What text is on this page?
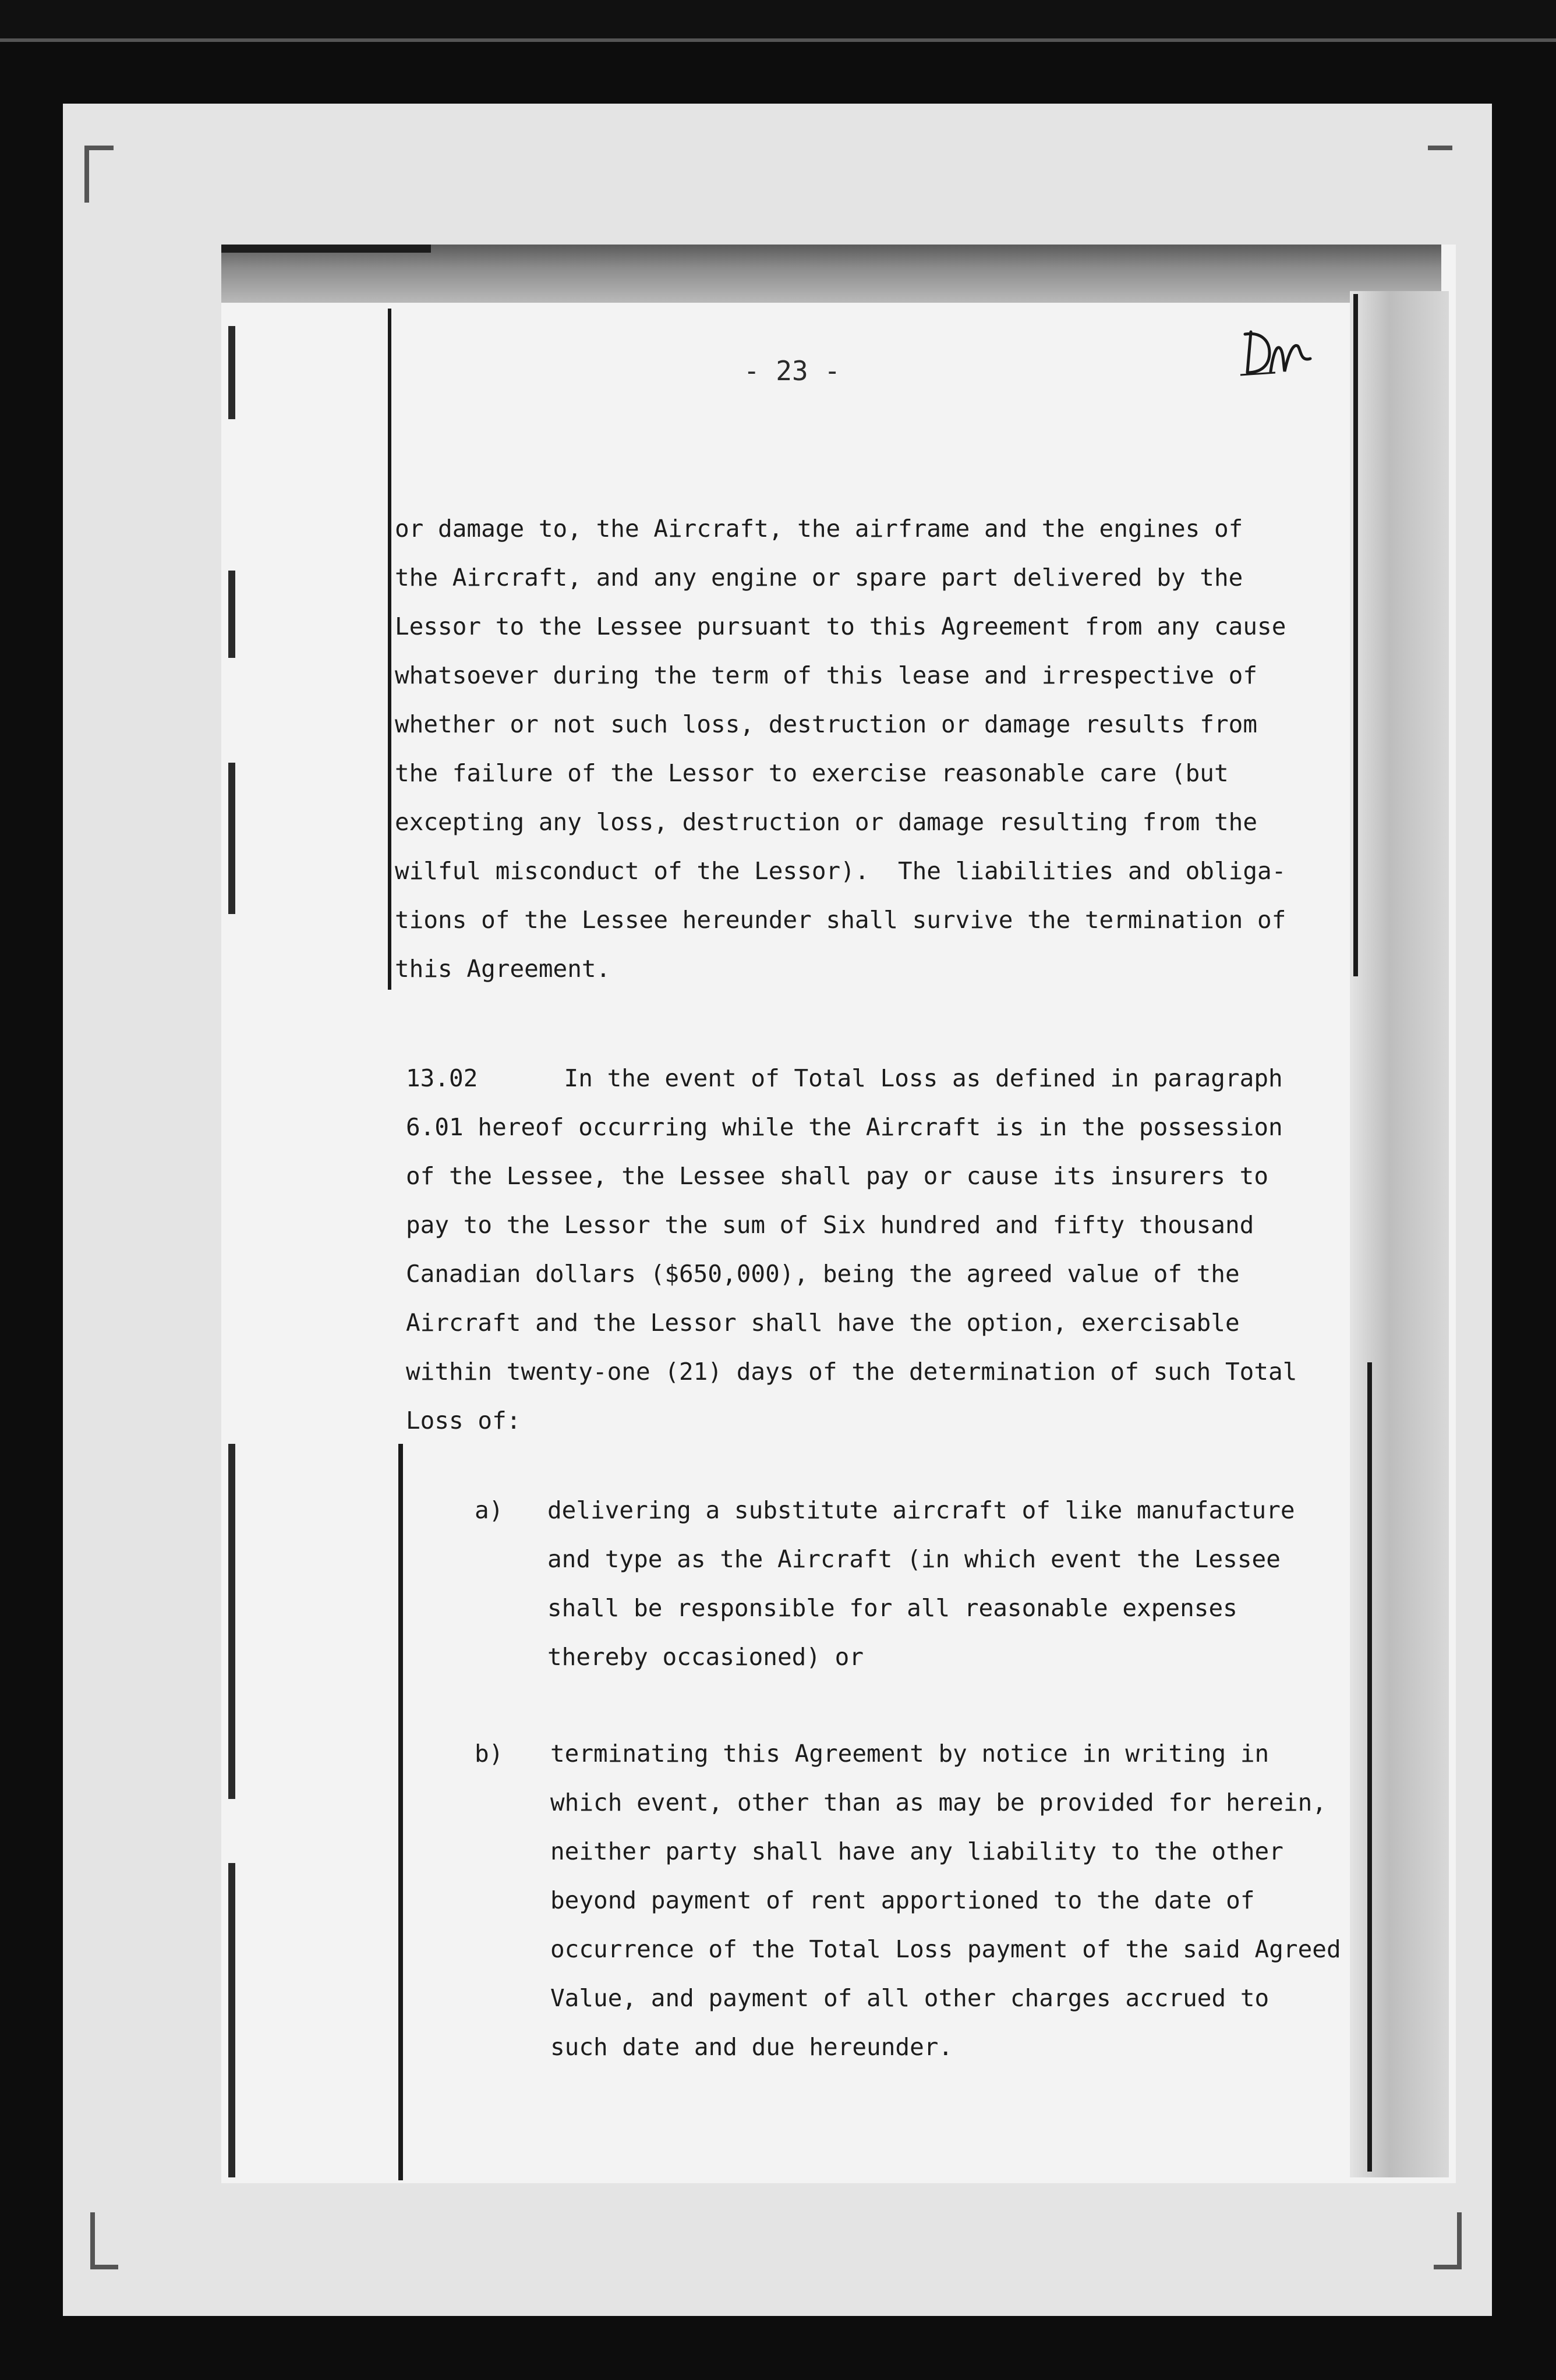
- 23 -

or damage to, the Aircraft, the airframe and the engines of
the Aircraft, and any engine or spare part delivered by the
Lessor to the Lessee pursuant to this Agreement from any cause
whatsoever during the term of this lease and irrespective of
whether or not such loss, destruction or damage results from
the failure of the Lessor to exercise reasonable care (but
excepting any loss, destruction or damage resulting from the
wilful misconduct of the Lessor).  The liabilities and obliga-
tions of the Lessee hereunder shall survive the termination of
this Agreement.

13.02      In the event of Total Loss as defined in paragraph
6.01 hereof occurring while the Aircraft is in the possession
of the Lessee, the Lessee shall pay or cause its insurers to
pay to the Lessor the sum of Six hundred and fifty thousand
Canadian dollars ($650,000), being the agreed value of the
Aircraft and the Lessor shall have the option, exercisable
within twenty-one (21) days of the determination of such Total
Loss of:

a) delivering a substitute aircraft of like manufacture
and type as the Aircraft (in which event the Lessee
shall be responsible for all reasonable expenses
thereby occasioned) or

b) terminating this Agreement by notice in writing in
which event, other than as may be provided for herein,
neither party shall have any liability to the other
beyond payment of rent apportioned to the date of
occurrence of the Total Loss payment of the said Agreed
Value, and payment of all other charges accrued to
such date and due hereunder.
